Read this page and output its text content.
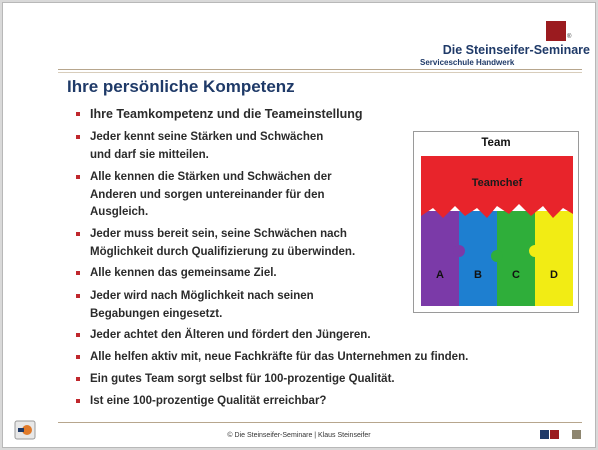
®
Die Steinseifer-Seminare
Serviceschule Handwerk
Ihre persönliche Kompetenz
Ihre Teamkompetenz und die Teameinstellung
Jeder kennt seine Stärken und Schwächen
und darf sie mitteilen.
Alle kennen die Stärken und Schwächen der
Anderen und sorgen untereinander für den
Ausgleich.
Jeder muss bereit sein, seine Schwächen nach
Möglichkeit durch Qualifizierung zu überwinden.
Alle kennen das gemeinsame Ziel.
Jeder wird nach Möglichkeit nach seinen
Begabungen eingesetzt.
Jeder achtet den Älteren und fördert den Jüngeren.
Alle helfen aktiv mit, neue Fachkräfte für das Unternehmen zu finden.
Ein gutes Team sorgt selbst für 100-prozentige Qualität.
Ist eine 100-prozentige Qualität erreichbar?
Team
Teamchef
A	B	C	D
© Die Steinseifer-Seminare | Klaus Steinseifer
